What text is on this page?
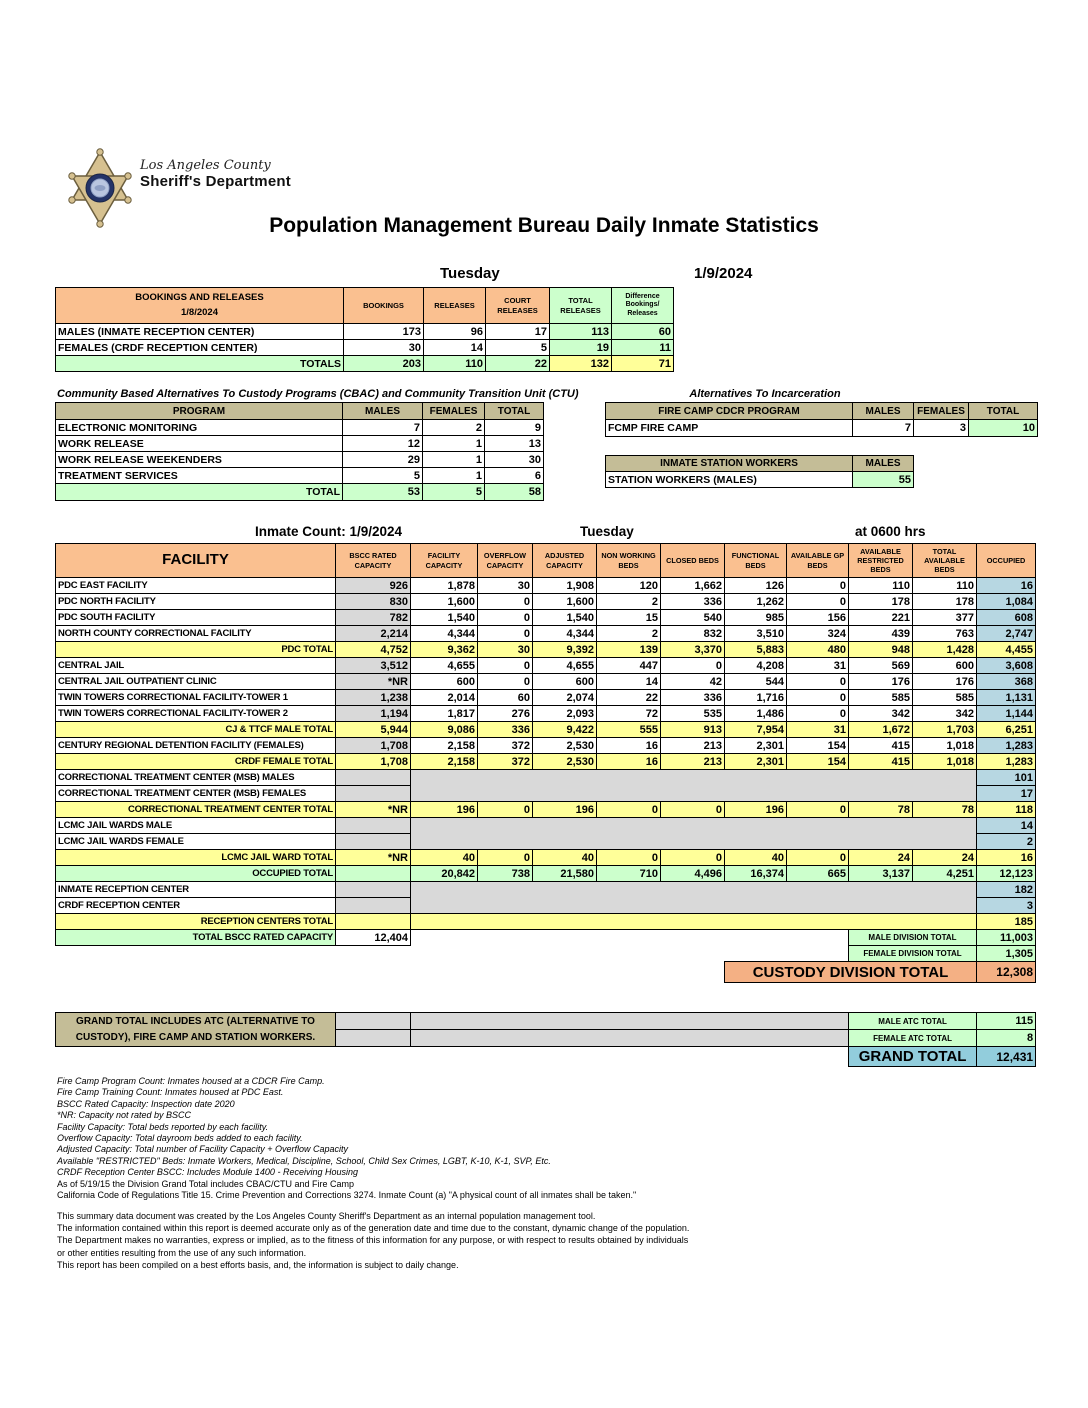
Los Angeles County
Sheriff's Department
Population Management Bureau Daily Inmate Statistics
Tuesday	1/9/2024
BOOKINGS AND RELEASES
1/8/2024	BOOKINGS	RELEASES	COURT RELEASES	TOTAL RELEASES	Difference Bookings/ Releases
MALES (INMATE RECEPTION CENTER)	173	96	17	113	60
FEMALES (CRDF RECEPTION CENTER)	30	14	5	19	11
TOTALS	203	110	22	132	71
Community Based Alternatives To Custody Programs (CBAC) and Community Transition Unit (CTU)
PROGRAM	MALES	FEMALES	TOTAL
ELECTRONIC MONITORING	7	2	9
WORK RELEASE	12	1	13
WORK RELEASE WEEKENDERS	29	1	30
TREATMENT SERVICES	5	1	6
TOTAL	53	5	58
Alternatives To Incarceration
FIRE CAMP CDCR PROGRAM	MALES	FEMALES	TOTAL
FCMP FIRE CAMP	7	3	10
INMATE STATION WORKERS	MALES
STATION WORKERS (MALES)	55
Inmate Count: 1/9/2024	Tuesday	at 0600 hrs
FACILITY	BSCC RATED CAPACITY	FACILITY CAPACITY	OVERFLOW CAPACITY	ADJUSTED CAPACITY	NON WORKING BEDS	CLOSED BEDS	FUNCTIONAL BEDS	AVAILABLE GP BEDS	AVAILABLE RESTRICTED BEDS	TOTAL AVAILABLE BEDS	OCCUPIED
PDC EAST FACILITY	926	1,878	30	1,908	120	1,662	126	0	110	110	16
PDC NORTH FACILITY	830	1,600	0	1,600	2	336	1,262	0	178	178	1,084
PDC SOUTH FACILITY	782	1,540	0	1,540	15	540	985	156	221	377	608
NORTH COUNTY CORRECTIONAL FACILITY	2,214	4,344	0	4,344	2	832	3,510	324	439	763	2,747
PDC TOTAL	4,752	9,362	30	9,392	139	3,370	5,883	480	948	1,428	4,455
CENTRAL JAIL	3,512	4,655	0	4,655	447	0	4,208	31	569	600	3,608
CENTRAL JAIL OUTPATIENT CLINIC	*NR	600	0	600	14	42	544	0	176	176	368
TWIN TOWERS CORRECTIONAL FACILITY-TOWER 1	1,238	2,014	60	2,074	22	336	1,716	0	585	585	1,131
TWIN TOWERS CORRECTIONAL FACILITY-TOWER 2	1,194	1,817	276	2,093	72	535	1,486	0	342	342	1,144
CJ & TTCF MALE TOTAL	5,944	9,086	336	9,422	555	913	7,954	31	1,672	1,703	6,251
CENTURY REGIONAL DETENTION FACILITY (FEMALES)	1,708	2,158	372	2,530	16	213	2,301	154	415	1,018	1,283
CRDF FEMALE TOTAL	1,708	2,158	372	2,530	16	213	2,301	154	415	1,018	1,283
CORRECTIONAL TREATMENT CENTER (MSB) MALES											101
CORRECTIONAL TREATMENT CENTER (MSB) FEMALES											17
CORRECTIONAL TREATMENT CENTER TOTAL	*NR	196	0	196	0	0	196	0	78	78	118
LCMC JAIL WARDS MALE											14
LCMC JAIL WARDS FEMALE											2
LCMC JAIL WARD TOTAL	*NR	40	0	40	0	0	40	0	24	24	16
OCCUPIED TOTAL		20,842	738	21,580	710	4,496	16,374	665	3,137	4,251	12,123
INMATE RECEPTION CENTER											182
CRDF RECEPTION CENTER											3
RECEPTION CENTERS TOTAL											185
TOTAL BSCC RATED CAPACITY	12,404								MALE DIVISION TOTAL		11,003
									FEMALE DIVISION TOTAL		1,305
							CUSTODY DIVISION TOTAL				12,308
GRAND TOTAL INCLUDES ATC (ALTERNATIVE TO
CUSTODY), FIRE CAMP AND STATION WORKERS.			MALE ATC TOTAL	115
			FEMALE ATC TOTAL	8
			GRAND TOTAL	12,431
Fire Camp Program Count: Inmates housed at a CDCR Fire Camp.
Fire Camp Training Count: Inmates housed at PDC East.
BSCC Rated Capacity: Inspection date 2020
*NR: Capacity not rated by BSCC
Facility Capacity: Total beds reported by each facility.
Overflow Capacity: Total dayroom beds added to each facility.
Adjusted Capacity: Total number of Facility Capacity + Overflow Capacity
Available "RESTRICTED" Beds: Inmate Workers, Medical, Discipline, School, Child Sex Crimes, LGBT, K-10, K-1, SVP, Etc.
CRDF Reception Center BSCC: Includes Module 1400 - Receiving Housing
As of 5/19/15 the Division Grand Total includes CBAC/CTU and Fire Camp
California Code of Regulations Title 15. Crime Prevention and Corrections 3274. Inmate Count (a) "A physical count of all inmates shall be taken."
This summary data document was created by the Los Angeles County Sheriff's Department as an internal population management tool.
The information contained within this report is deemed accurate only as of the generation date and time due to the constant, dynamic change of the population.
The Department makes no warranties, express or implied, as to the fitness of this information for any purpose, or with respect to results obtained by individuals
or other entities resulting from the use of any such information.
This report has been compiled on a best efforts basis, and, the information is subject to daily change.
